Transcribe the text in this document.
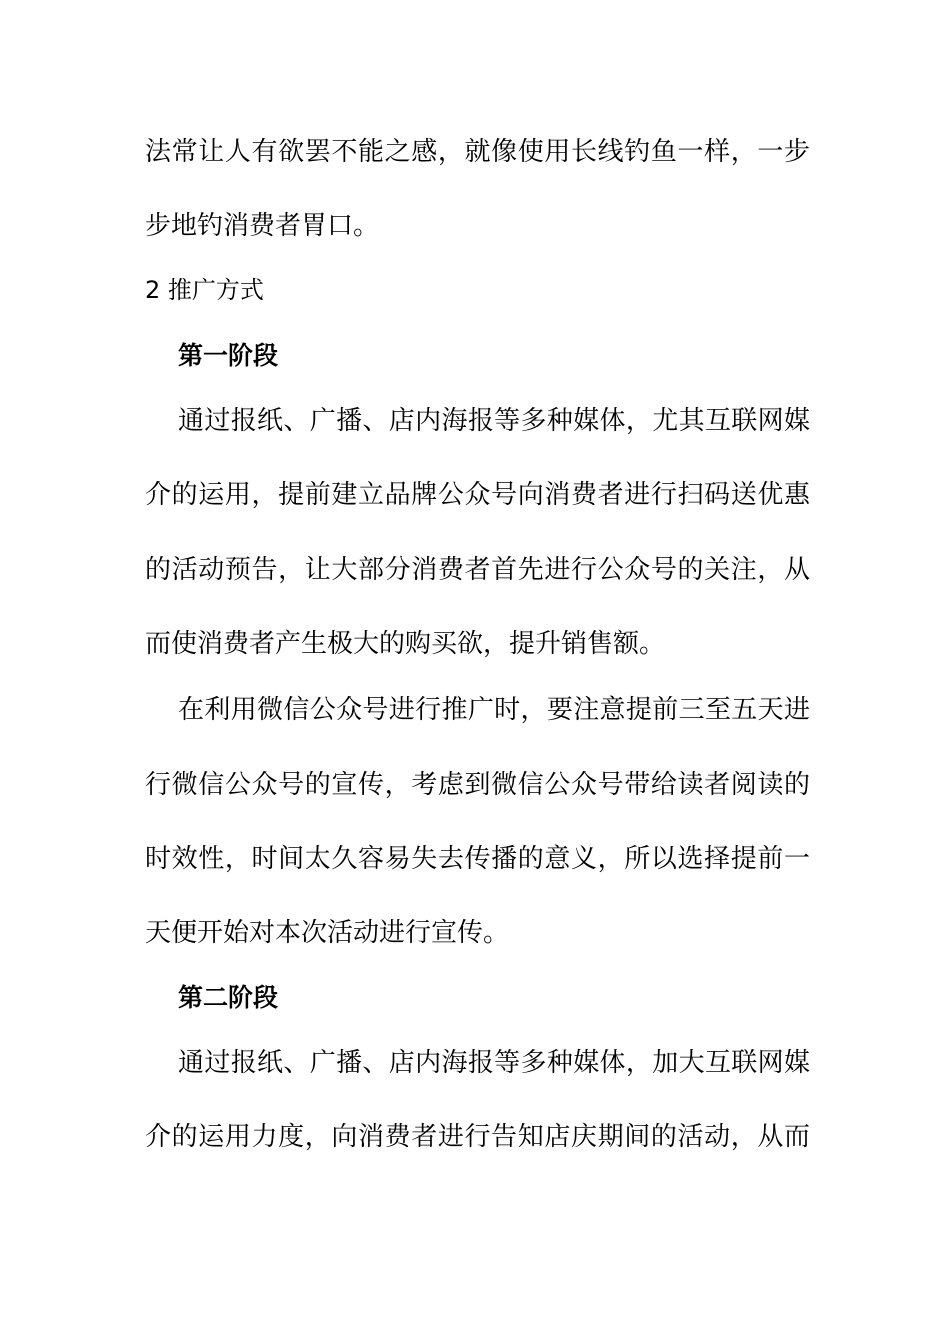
法常让人有欲罢不能之感，就像使用长线钓鱼一样，一步
步地钓消费者胃口。
2 推广方式
第一阶段
通过报纸、广播、店内海报等多种媒体，尤其互联网媒
介的运用，提前建立品牌公众号向消费者进行扫码送优惠
的活动预告，让大部分消费者首先进行公众号的关注，从
而使消费者产生极大的购买欲，提升销售额。
在利用微信公众号进行推广时，要注意提前三至五天进
行微信公众号的宣传，考虑到微信公众号带给读者阅读的
时效性，时间太久容易失去传播的意义，所以选择提前一
天便开始对本次活动进行宣传。
第二阶段
通过报纸、广播、店内海报等多种媒体，加大互联网媒
介的运用力度，向消费者进行告知店庆期间的活动，从而
